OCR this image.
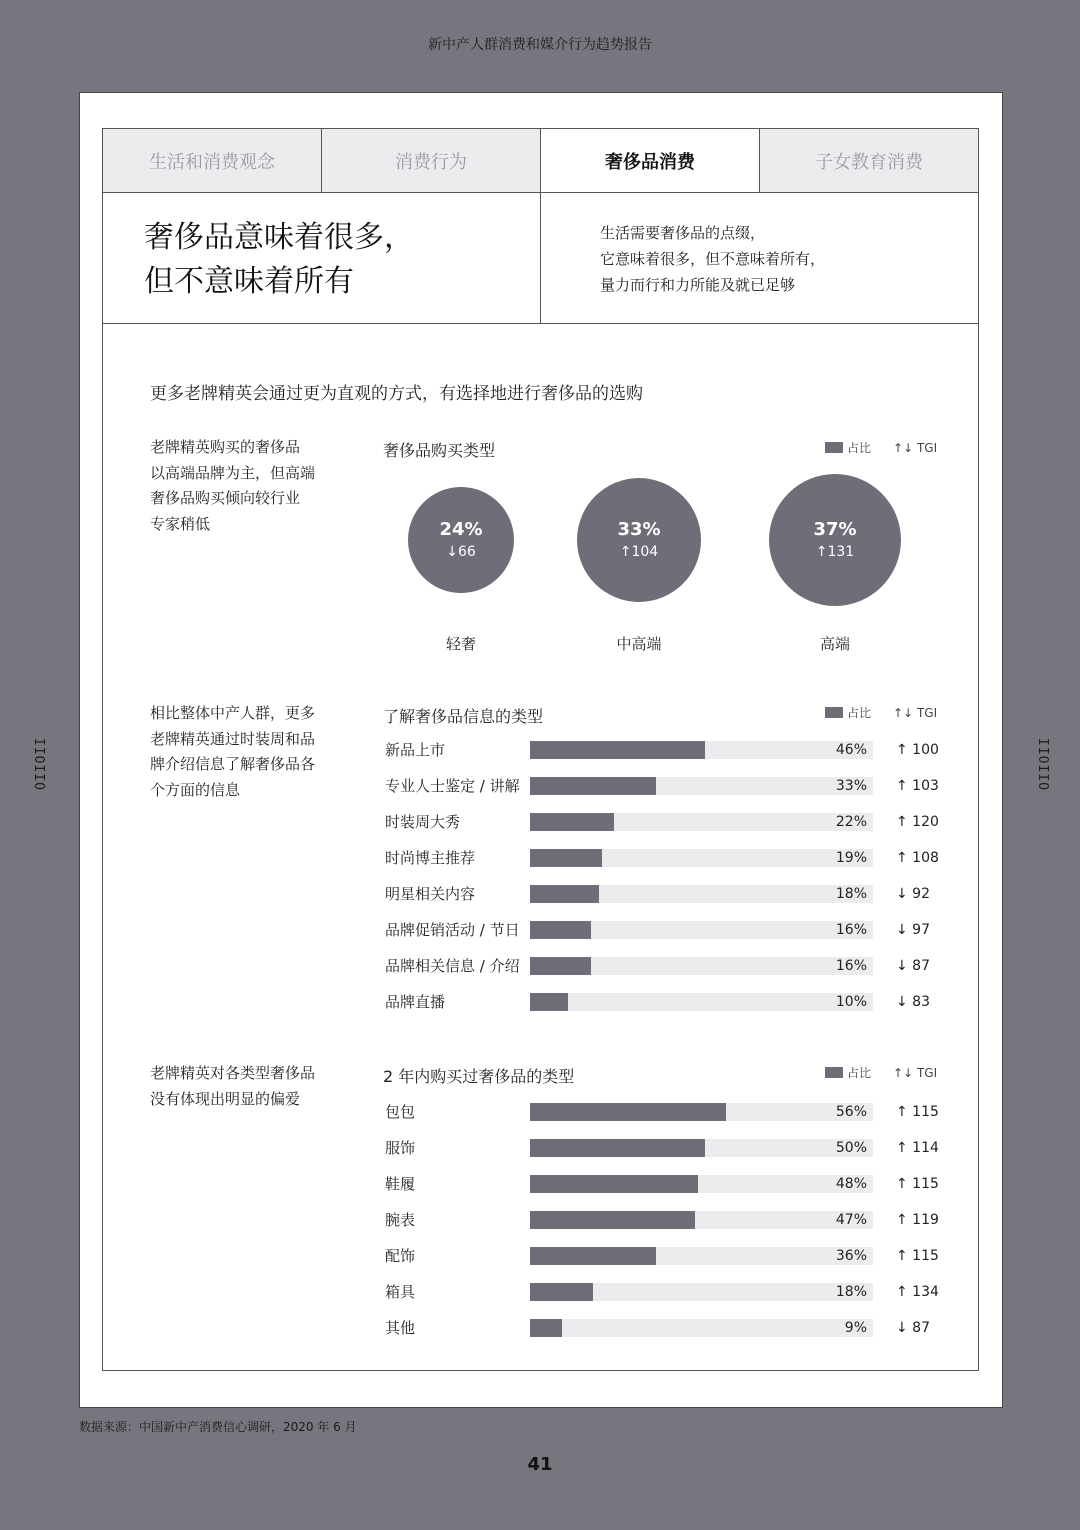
新中产人群消费和媒介行为趋势报告
IIOIIO	IIOIIO
生活和消费观念	消费行为	奢侈品消费	子女教育消费
奢侈品意味着很多，
但不意味着所有
生活需要奢侈品的点缀，
它意味着很多，但不意味着所有，
量力而行和力所能及就已足够
更多老牌精英会通过更为直观的方式，有选择地进行奢侈品的选购
老牌精英购买的奢侈品
以高端品牌为主，但高端
奢侈品购买倾向较行业
专家稍低
奢侈品购买类型	占比 ↑↓ TGI
24%
↓66
轻奢
33%
↑104
中高端
37%
↑131
高端
相比整体中产人群，更多
老牌精英通过时装周和品
牌介绍信息了解奢侈品各
个方面的信息
了解奢侈品信息的类型	占比 ↑↓ TGI
新品上市	46% ↑ 100
专业人士鉴定 / 讲解	33% ↑ 103
时装周大秀	22% ↑ 120
时尚博主推荐	19% ↑ 108
明星相关内容	18% ↓ 92
品牌促销活动 / 节日	16% ↓ 97
品牌相关信息 / 介绍	16% ↓ 87
品牌直播	10% ↓ 83
老牌精英对各类型奢侈品
没有体现出明显的偏爱
2 年内购买过奢侈品的类型	占比 ↑↓ TGI
包包	56% ↑ 115
服饰	50% ↑ 114
鞋履	48% ↑ 115
腕表	47% ↑ 119
配饰	36% ↑ 115
箱具	18% ↑ 134
其他	9% ↓ 87
数据来源：中国新中产消费信心调研，2020 年 6 月
41
